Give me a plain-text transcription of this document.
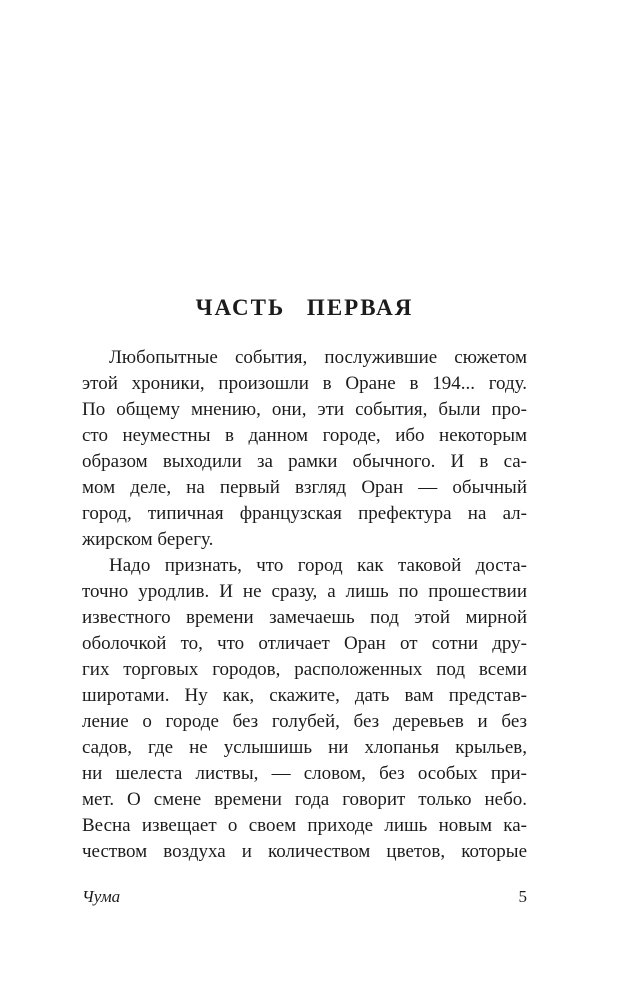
ЧАСТЬ ПЕРВАЯ
Любопытные события, послужившие сюжетом
этой хроники, произошли в Оране в 194... году.
По общему мнению, они, эти события, были про-
сто неуместны в данном городе, ибо некоторым
образом выходили за рамки обычного. И в са-
мом деле, на первый взгляд Оран — обычный
город, типичная французская префектура на ал-
жирском берегу.
Надо признать, что город как таковой доста-
точно уродлив. И не сразу, а лишь по прошествии
известного времени замечаешь под этой мирной
оболочкой то, что отличает Оран от сотни дру-
гих торговых городов, расположенных под всеми
широтами. Ну как, скажите, дать вам представ-
ление о городе без голубей, без деревьев и без
садов, где не услышишь ни хлопанья крыльев,
ни шелеста листвы, — словом, без особых при-
мет. О смене времени года говорит только небо.
Весна извещает о своем приходе лишь новым ка-
чеством воздуха и количеством цветов, которые
Чума	5
